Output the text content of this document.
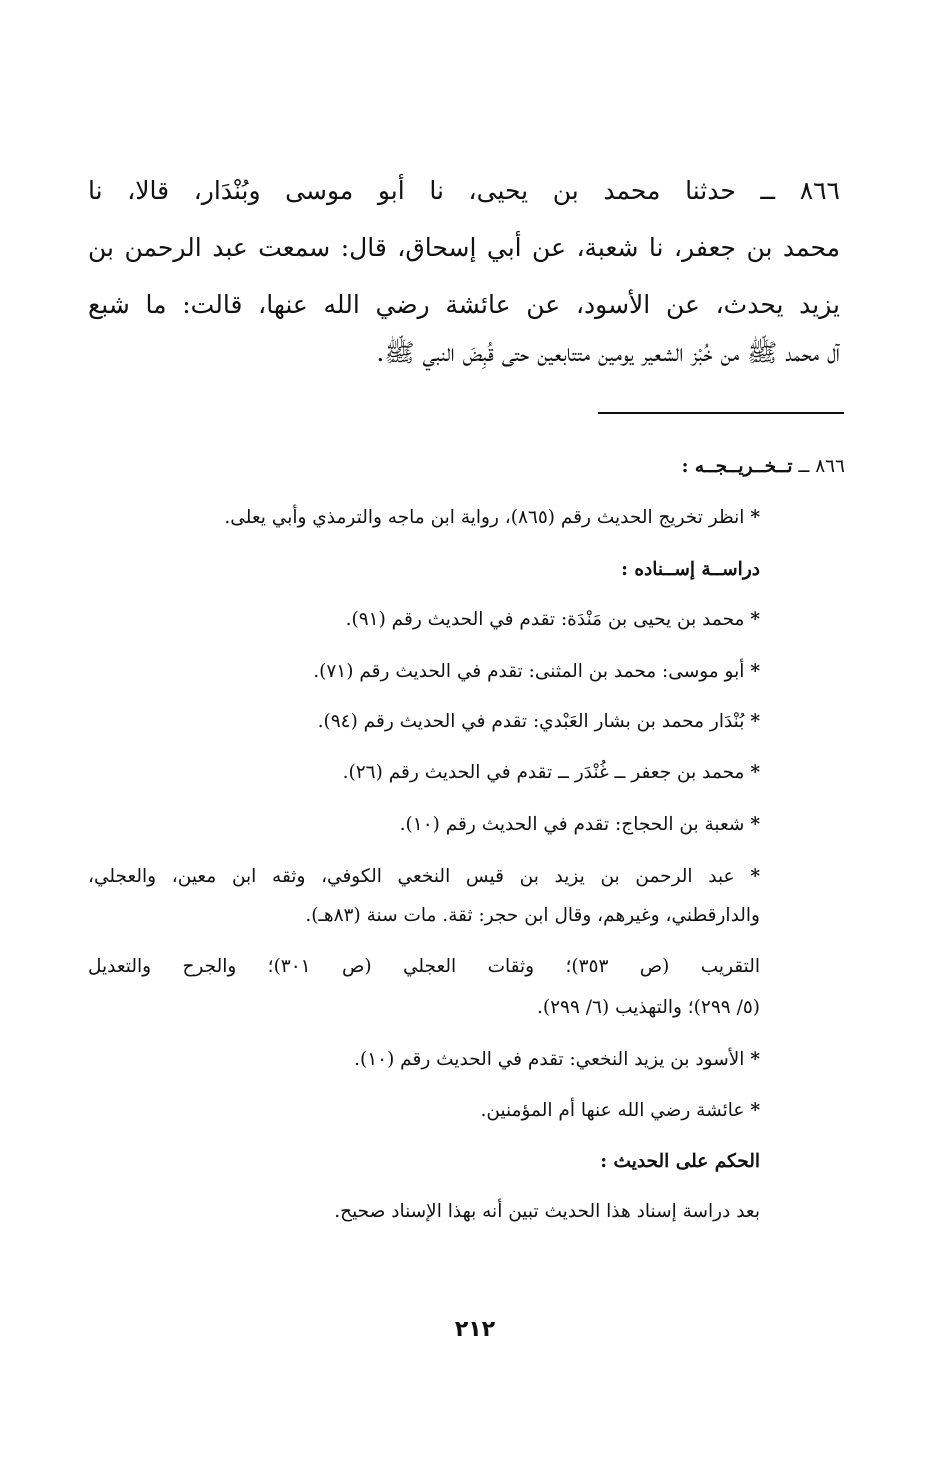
٨٦٦ ــ حدثنا محمد بن يحيى، نا أبو موسى وبُنْدَار، قالا، نا
محمد بن جعفر، نا شعبة، عن أبي إسحاق، قال: سمعت عبد الرحمن بن
يزيد يحدث، عن الأسود، عن عائشة رضي الله عنها، قالت: ما شبع
آل محمد ﷺ من خُبْز الشعير يومين متتابعين حتى قُبِضَ النبي ﷺ.
٨٦٦ ــ تــخــريــجــه :
* انظر تخريج الحديث رقم (٨٦٥)، رواية ابن ماجه والترمذي وأبي يعلى.
دراســة إســناده :
* محمد بن يحيى بن مَنْدَة: تقدم في الحديث رقم (٩١).
* أبو موسى: محمد بن المثنى: تقدم في الحديث رقم (٧١).
* بُنْدَار محمد بن بشار العَبْدي: تقدم في الحديث رقم (٩٤).
* محمد بن جعفر ــ غُنْدَر ــ تقدم في الحديث رقم (٢٦).
* شعبة بن الحجاج: تقدم في الحديث رقم (١٠).
* عبد الرحمن بن يزيد بن قيس النخعي الكوفي، وثقه ابن معين، والعجلي،
والدارقطني، وغيرهم، وقال ابن حجر: ثقة. مات سنة (٨٣هـ).
التقريب (ص ٣٥٣)؛ وثقات العجلي (ص ٣٠١)؛ والجرح والتعديل
(٥/ ٢٩٩)؛ والتهذيب (٦/ ٢٩٩).
* الأسود بن يزيد النخعي: تقدم في الحديث رقم (١٠).
* عائشة رضي الله عنها أم المؤمنين.
الحكم على الحديث :
بعد دراسة إسناد هذا الحديث تبين أنه بهذا الإسناد صحيح.
٢١٢
